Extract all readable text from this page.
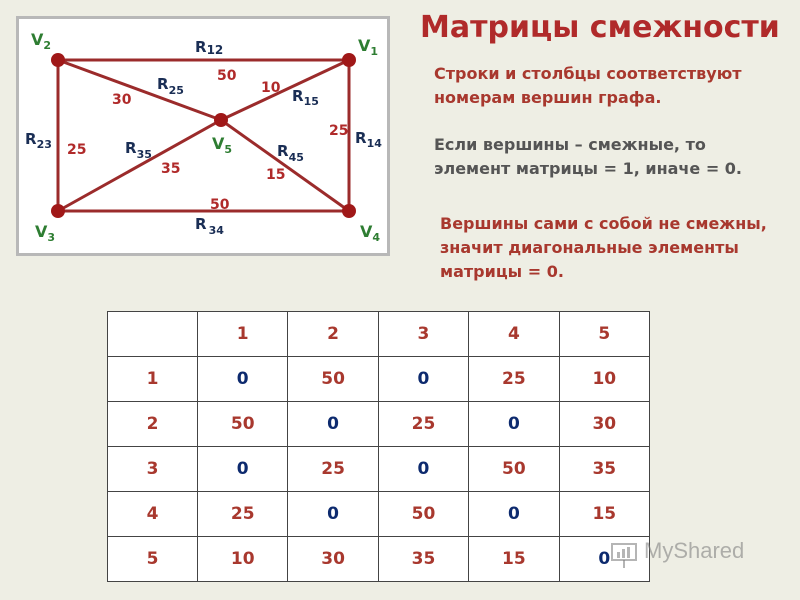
$V_2$	$V_1$
$V_3$	$V_4$
$V_5$
R12
$R_{25}$	$R_{15}$
$R_{23}$	$R_{14}$
$R_{35}$	$R_{45}$
R $_{34}$
50
30
10
25
25
35	15
50
Матрицы смежности

Строки и столбцы соответствуют номерам вершин графа.

Если вершины – смежные, то элемент матрицы = 1, иначе = 0.

Вершины сами с собой не смежны, значит диагональные элементы матрицы = 0.

	1	2	3	4	5
1	0	50	0	25	10
2	50	0	25	0	30
3	0	25	0	50	35
4	25	0	50	0	15
5	10	30	35	15	0 MyShared
